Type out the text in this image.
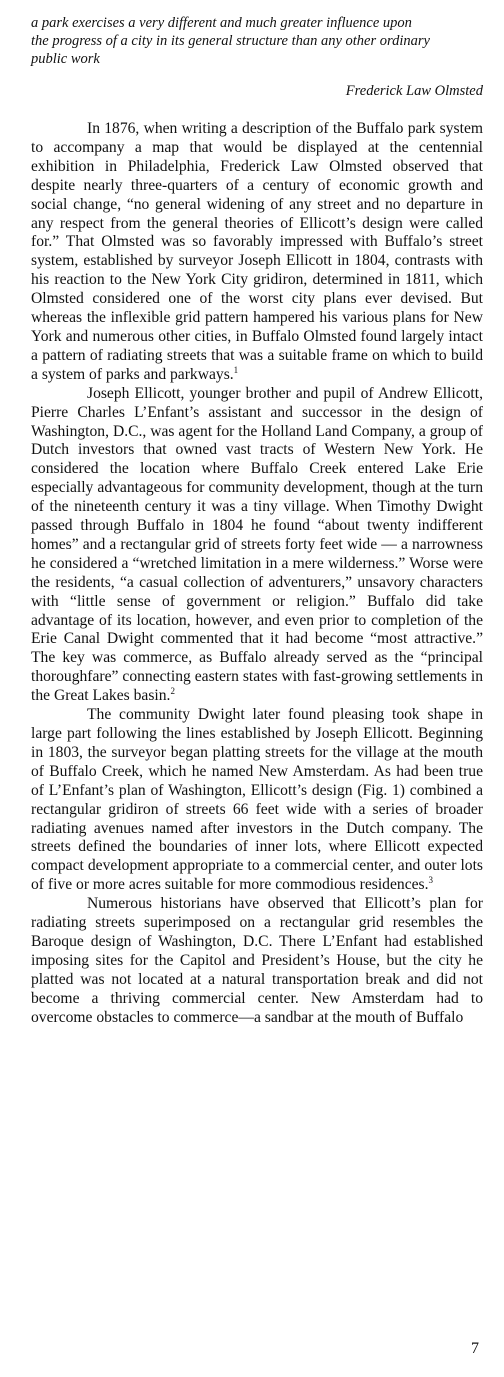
a park exercises a very different and much greater influence upon the progress of a city in its general structure than any other ordinary public work

Frederick Law Olmsted

In 1876, when writing a description of the Buffalo park system to accompany a map that would be displayed at the centennial exhibition in Philadelphia, Frederick Law Olmsted observed that despite nearly three-quarters of a century of economic growth and social change, “no general widening of any street and no departure in any respect from the general theories of Ellicott’s design were called for.” That Olmsted was so favorably impressed with Buffalo’s street system, established by surveyor Joseph Ellicott in 1804, contrasts with his reaction to the New York City gridiron, determined in 1811, which Olmsted considered one of the worst city plans ever devised. But whereas the inflexible grid pattern hampered his various plans for New York and numerous other cities, in Buffalo Olmsted found largely intact a pattern of radiating streets that was a suitable frame on which to build a system of parks and parkways.$^1$

Joseph Ellicott, younger brother and pupil of Andrew Ellicott, Pierre Charles L’Enfant’s assistant and successor in the design of Washington, D.C., was agent for the Holland Land Company, a group of Dutch investors that owned vast tracts of Western New York. He considered the location where Buffalo Creek entered Lake Erie especially advantageous for community development, though at the turn of the nineteenth century it was a tiny village. When Timothy Dwight passed through Buffalo in 1804 he found “about twenty indifferent homes” and a rectangular grid of streets forty feet wide — a narrowness he considered a “wretched limitation in a mere wilderness.” Worse were the residents, “a casual collection of adventurers,” unsavory characters with “little sense of government or religion.” Buffalo did take advantage of its location, however, and even prior to completion of the Erie Canal Dwight commented that it had become “most attractive.” The key was commerce, as Buffalo already served as the “principal thoroughfare” connecting eastern states with fast-growing settlements in the Great Lakes basin.$^2$

The community Dwight later found pleasing took shape in large part following the lines established by Joseph Ellicott. Beginning in 1803, the surveyor began platting streets for the village at the mouth of Buffalo Creek, which he named New Amsterdam. As had been true of L’Enfant’s plan of Washington, Ellicott’s design (Fig. 1) combined a rectangular gridiron of streets 66 feet wide with a series of broader radiating avenues named after investors in the Dutch company. The streets defined the boundaries of inner lots, where Ellicott expected compact development appropriate to a commercial center, and outer lots of five or more acres suitable for more commodious residences.$^3$

Numerous historians have observed that Ellicott’s plan for radiating streets superimposed on a rectangular grid resembles the Baroque design of Washington, D.C. There L’Enfant had established imposing sites for the Capitol and President’s House, but the city he platted was not located at a natural transportation break and did not become a thriving commercial center. New Amsterdam had to overcome obstacles to commerce—a sandbar at the mouth of Buffalo

7
